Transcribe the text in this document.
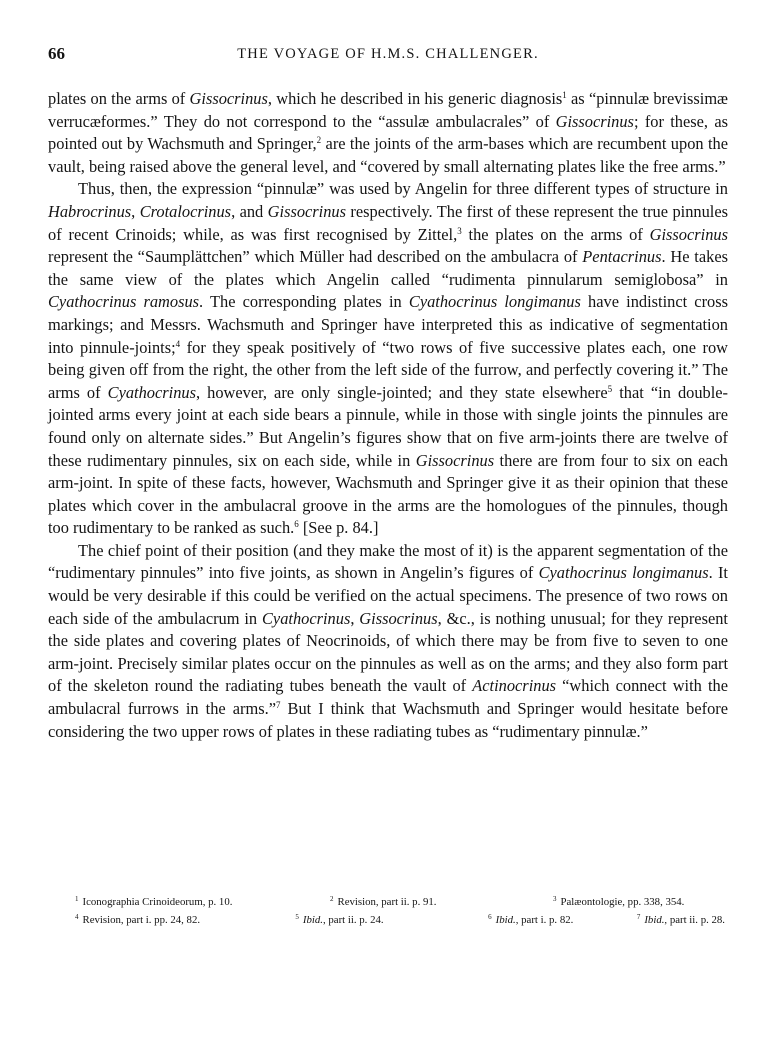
66	THE VOYAGE OF H.M.S. CHALLENGER.

plates on the arms of Gissocrinus, which he described in his generic diagnosis$^1$ as “pinnulæ brevissimæ verrucæformes.” They do not correspond to the “assulæ ambulacrales” of Gissocrinus; for these, as pointed out by Wachsmuth and Springer,$^2$ are the joints of the arm-bases which are recumbent upon the vault, being raised above the general level, and “covered by small alternating plates like the free arms.”

Thus, then, the expression “pinnulæ” was used by Angelin for three different types of structure in Habrocrinus, Crotalocrinus, and Gissocrinus respectively. The first of these represent the true pinnules of recent Crinoids; while, as was first recognised by Zittel,$^3$ the plates on the arms of Gissocrinus represent the “Saumplättchen” which Müller had described on the ambulacra of Pentacrinus. He takes the same view of the plates which Angelin called “rudimenta pinnularum semiglobosa” in Cyathocrinus ramosus. The corresponding plates in Cyathocrinus longimanus have indistinct cross markings; and Messrs. Wachsmuth and Springer have interpreted this as indicative of segmentation into pinnule-joints;$^4$ for they speak positively of “two rows of five successive plates each, one row being given off from the right, the other from the left side of the furrow, and perfectly covering it.” The arms of Cyathocrinus, however, are only single-jointed; and they state elsewhere$^5$ that “in double-jointed arms every joint at each side bears a pinnule, while in those with single joints the pinnules are found only on alternate sides.” But Angelin’s figures show that on five arm-joints there are twelve of these rudimentary pinnules, six on each side, while in Gissocrinus there are from four to six on each arm-joint. In spite of these facts, however, Wachsmuth and Springer give it as their opinion that these plates which cover in the ambulacral groove in the arms are the homologues of the pinnules, though too rudimentary to be ranked as such.$^6$ [See p. 84.]

The chief point of their position (and they make the most of it) is the apparent segmentation of the “rudimentary pinnules” into five joints, as shown in Angelin’s figures of Cyathocrinus longimanus. It would be very desirable if this could be verified on the actual specimens. The presence of two rows on each side of the ambulacrum in Cyathocrinus, Gissocrinus, &c., is nothing unusual; for they represent the side plates and covering plates of Neocrinoids, of which there may be from five to seven to one arm-joint. Precisely similar plates occur on the pinnules as well as on the arms; and they also form part of the skeleton round the radiating tubes beneath the vault of Actinocrinus “which connect with the ambulacral furrows in the arms.”$^7$ But I think that Wachsmuth and Springer would hesitate before considering the two upper rows of plates in these radiating tubes as “rudimentary pinnulæ.”

$^1$ Iconographia Crinoideorum, p. 10.	$^2$ Revision, part ii. p. 91.	$^3$ Palæontologie, pp. 338, 354.
$^4$ Revision, part i. pp. 24, 82.	$^5$ Ibid., part ii. p. 24.	$^6$ Ibid., part i. p. 82.	$^7$ Ibid., part ii. p. 28.
